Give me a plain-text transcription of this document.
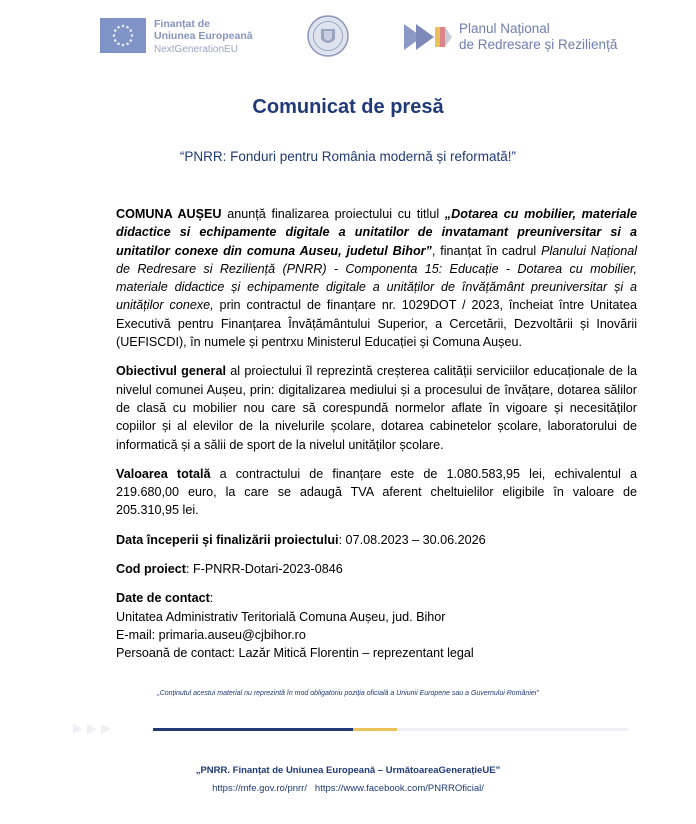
Finanțat de
Uniunea Europeană
NextGenerationEU
Planul Național
de Redresare și Reziliență
Comunicat de presă
“PNRR: Fonduri pentru România modernă și reformată!”

COMUNA AUȘEU anunță finalizarea proiectului cu titlul „Dotarea cu mobilier, materiale didactice si echipamente digitale a unitatilor de invatamant preuniversitar si a unitatilor conexe din comuna Auseu, judetul Bihor”, finanțat în cadrul Planului Național de Redresare si Reziliență (PNRR) - Componenta 15: Educație - Dotarea cu mobilier, materiale didactice și echipamente digitale a unităților de învățământ preuniversitar și a unităților conexe, prin contractul de finanțare nr. 1029DOT / 2023, încheiat între Unitatea Executivă pentru Finanțarea Învățământului Superior, a Cercetării, Dezvoltării și Inovării (UEFISCDI), în numele și pentrxu Ministerul Educației și Comuna Aușeu.

Obiectivul general al proiectului îl reprezintă creșterea calității serviciilor educaționale de la nivelul comunei Aușeu, prin: digitalizarea mediului și a procesului de învățare, dotarea sălilor de clasă cu mobilier nou care să corespundă normelor aflate în vigoare și necesităților copiilor și al elevilor de la nivelurile școlare, dotarea cabinetelor școlare, laboratorului de informatică și a sălii de sport de la nivelul unităților școlare.

Valoarea totală a contractului de finanțare este de 1.080.583,95 lei, echivalentul a 219.680,00 euro, la care se adaugă TVA aferent cheltuielilor eligibile în valoare de 205.310,95 lei.

Data începerii și finalizării proiectului: 07.08.2023 – 30.06.2026

Cod proiect: F-PNRR-Dotari-2023-0846

Date de contact:

Unitatea Administrativ Teritorială Comuna Aușeu, jud. Bihor

E-mail: primaria.auseu@cjbihor.ro

Persoană de contact: Lazăr Mitică Florentin – reprezentant legal

„Conținutul acestui material nu reprezintă în mod obligatoriu poziția oficială a Uniunii Europene sau a Guvernului României”
„PNRR. Finanțat de Uniunea Europeană – UrmătoareaGenerațieUE”
https://mfe.gov.ro/pnrr/   https://www.facebook.com/PNRROficial/
